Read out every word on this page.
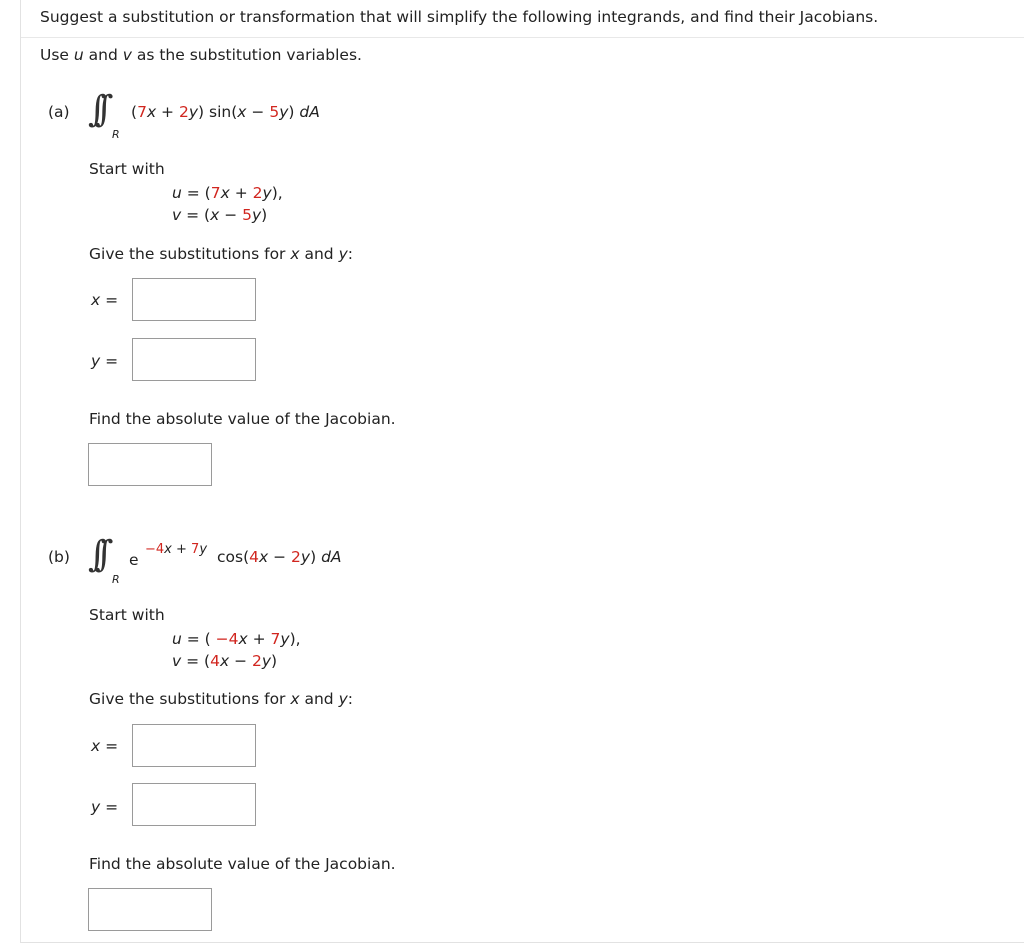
Suggest a substitution or transformation that will simplify the following integrands, and find their Jacobians.
Use u and v as the substitution variables.
(a) ∫∫
R
(7x + 2y) sin(x − 5y) dA
Start with
u = (7x + 2y),
v = (x − 5y)
Give the substitutions for x and y:
x =
y =
Find the absolute value of the Jacobian.
(b) ∫∫
R
e
−4x + 7y cos(4x − 2y) dA
Start with
u = ( −4x + 7y),
v = (4x − 2y)
Give the substitutions for x and y:
x =
y =
Find the absolute value of the Jacobian.
